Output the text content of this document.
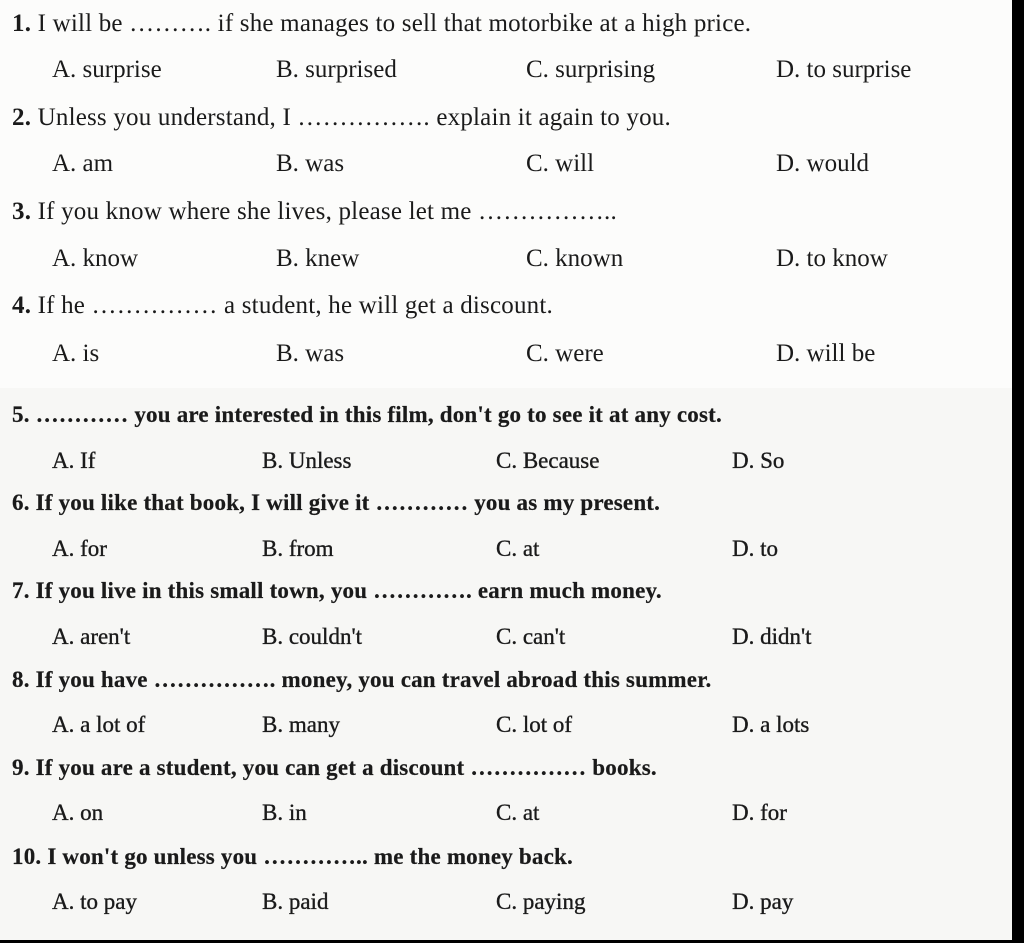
1. I will be ………. if she manages to sell that motorbike at a high price.
A. surprise	B. surprised	C. surprising	D. to surprise
2. Unless you understand, I ……………. explain it again to you.
A. am	B. was	C. will	D. would
3. If you know where she lives, please let me ……………..
A. know	B. knew	C. known	D. to know
4. If he …………… a student, he will get a discount.
A. is	B. was	C. were	D. will be
5. ………… you are interested in this film, don't go to see it at any cost.
A. If	B. Unless	C. Because	D. So
6. If you like that book, I will give it ………… you as my present.
A. for	B. from	C. at	D. to
7. If you live in this small town, you …………. earn much money.
A. aren't	B. couldn't	C. can't	D. didn't
8. If you have ……………. money, you can travel abroad this summer.
A. a lot of	B. many	C. lot of	D. a lots
9. If you are a student, you can get a discount …………… books.
A. on	B. in	C. at	D. for
10. I won't go unless you ………….. me the money back.
A. to pay	B. paid	C. paying	D. pay
